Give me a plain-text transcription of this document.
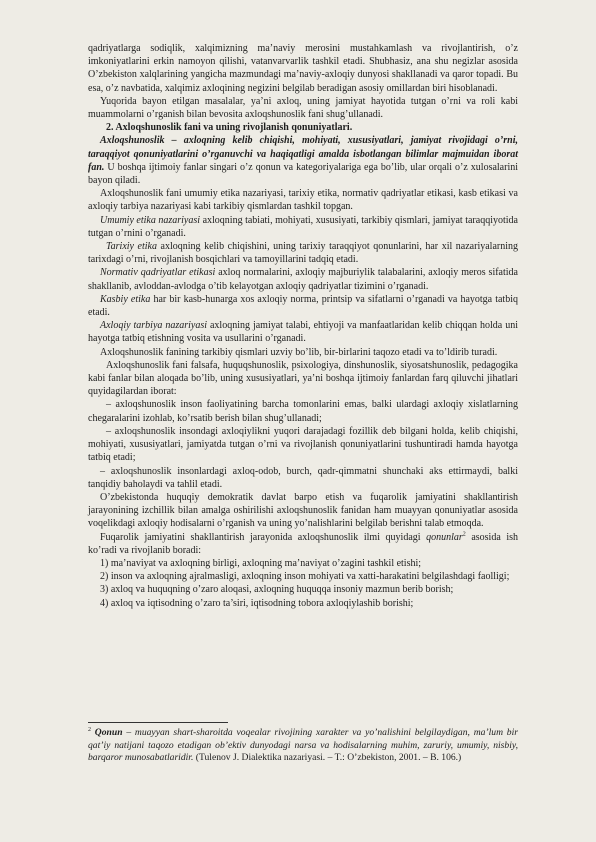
qadriyatlarga sodiqlik, xalqimizning ma’naviy merosini mustahkamlash va rivojlantirish, o’z imkoniyatlarini erkin namoyon qilishi, vatanvarvarlik tashkil etadi. Shubhasiz, ana shu negizlar asosida O’zbekiston xalqlarining yangicha mazmundagi ma’naviy-axloqiy dunyosi shakllanadi va qaror topadi. Bu esa, o’z navbatida, xalqimiz axloqining negizini belgilab beradigan asosiy omillardan biri hisoblanadi.

Yuqorida bayon etilgan masalalar, ya’ni axloq, uning jamiyat hayotida tutgan o’rni va roli kabi muammolarni o’rganish bilan bevosita axloqshunoslik fani shug’ullanadi.

2. Axloqshunoslik fani va uning rivojlanish qonuniyatlari.

Axloqshunoslik – axloqning kelib chiqishi, mohiyati, xususiyatlari, jamiyat rivojidagi o’rni, taraqqiyot qonuniyatlarini o’rganuvchi va haqiqatligi amalda isbotlangan bilimlar majmuidan iborat fan. U boshqa ijtimoiy fanlar singari o’z qonun va kategoriyalariga ega bo’lib, ular orqali o’z xulosalarini bayon qiladi.

Axloqshunoslik fani umumiy etika nazariyasi, tarixiy etika, normativ qadriyatlar etikasi, kasb etikasi va axloqiy tarbiya nazariyasi kabi tarkibiy qismlardan tashkil topgan.

Umumiy etika nazariyasi axloqning tabiati, mohiyati, xususiyati, tarkibiy qismlari, jamiyat taraqqiyotida tutgan o’rnini o’rganadi.

Tarixiy etika axloqning kelib chiqishini, uning tarixiy taraqqiyot qonunlarini, har xil nazariyalarning tarixdagi o’rni, rivojlanish bosqichlari va tamoyillarini tadqiq etadi.

Normativ qadriyatlar etikasi axloq normalarini, axloqiy majburiylik talabalarini, axloqiy meros sifatida shakllanib, avloddan-avlodga o’tib kelayotgan axloqiy qadriyatlar tizimini o’rganadi.

Kasbiy etika har bir kasb-hunarga xos axloqiy norma, printsip va sifatlarni o’rganadi va hayotga tatbiq etadi.

Axloqiy tarbiya nazariyasi axloqning jamiyat talabi, ehtiyoji va manfaatlaridan kelib chiqqan holda uni hayotga tatbiq etishning vosita va usullarini o’rganadi.

Axloqshunoslik fanining tarkibiy qismlari uzviy bo’lib, bir-birlarini taqozo etadi va to’ldirib turadi.

Axloqshunoslik fani falsafa, huquqshunoslik, psixologiya, dinshunoslik, siyosatshunoslik, pedagogika kabi fanlar bilan aloqada bo’lib, uning xususiyatlari, ya’ni boshqa ijtimoiy fanlardan farq qiluvchi jihatlari quyidagilardan iborat:

– axloqshunoslik inson faoliyatining barcha tomonlarini emas, balki ulardagi axloqiy xislatlarning chegaralarini izohlab, ko’rsatib berish bilan shug’ullanadi;

– axloqshunoslik insondagi axloqiylikni yuqori darajadagi fozillik deb bilgani holda, kelib chiqishi, mohiyati, xususiyatlari, jamiyatda tutgan o’rni va rivojlanish qonuniyatlarini tushuntiradi hamda hayotga tatbiq etadi;

– axloqshunoslik insonlardagi axloq-odob, burch, qadr-qimmatni shunchaki aks ettirmaydi, balki tanqidiy baholaydi va tahlil etadi.

O’zbekistonda huquqiy demokratik davlat barpo etish va fuqarolik jamiyatini shakllantirish jarayonining izchillik bilan amalga oshirilishi axloqshunoslik fanidan ham muayyan qonuniyatlar asosida voqelikdagi axloqiy hodisalarni o’rganish va uning yo’nalishlarini belgilab berishni talab etmoqda.

Fuqarolik jamiyatini shakllantirish jarayonida axloqshunoslik ilmi quyidagi qonunlar$^2$ asosida ish ko’radi va rivojlanib boradi:

1) ma’naviyat va axloqning birligi, axloqning ma’naviyat o’zagini tashkil etishi;

2) inson va axloqning ajralmasligi, axloqning inson mohiyati va xatti-harakatini belgilashdagi faolligi;

3) axloq va huquqning o’zaro aloqasi, axloqning huquqqa insoniy mazmun berib borish;

4) axloq va iqtisodning o’zaro ta’siri, iqtisodning tobora axloqiylashib borishi;

$^2$ Qonun – muayyan shart-sharoitda voqealar rivojining xarakter va yo’nalishini belgilaydigan, ma’lum bir qat’iy natijani taqozo etadigan ob’ektiv dunyodagi narsa va hodisalarning muhim, zaruriy, umumiy, nisbiy, barqaror munosabatlaridir. (Tulenov J. Dialektika nazariyasi. – T.: O’zbekiston, 2001. – B. 106.)
